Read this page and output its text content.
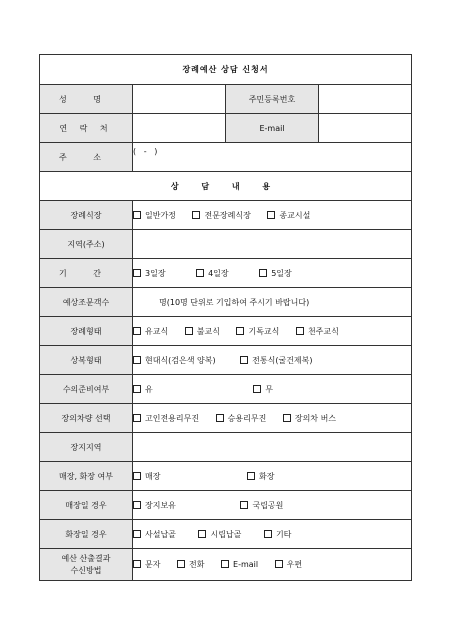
장례예산 상담 신청서			
성 명		주민등록번호	
연 락 처		E-mail	
주 소	(   -   )		
상 담 내 용			
장례식장	일반가정 전문장례식장 종교시설		
지역(주소)			
기 간	3일장 4일장 5일장		
예상조문객수	명(10명 단위로 기입하여 주시기 바랍니다)		
장례형태	유교식 불교식 기독교식 천주교식		
상복형태	현대식(검은색 양복) 전통식(굴건제복)		
수의준비여부	유 무		
장의차량 선택	고인전용리무진 승용리무진 장의차 버스		
장지지역			
매장, 화장 여부	매장 화장		
매장일 경우	장지보유 국립공원		
화장일 경우	사설납골 시립납골 기타		
예산 산출결과
수신방법	문자 전화 E-mail 우편		
